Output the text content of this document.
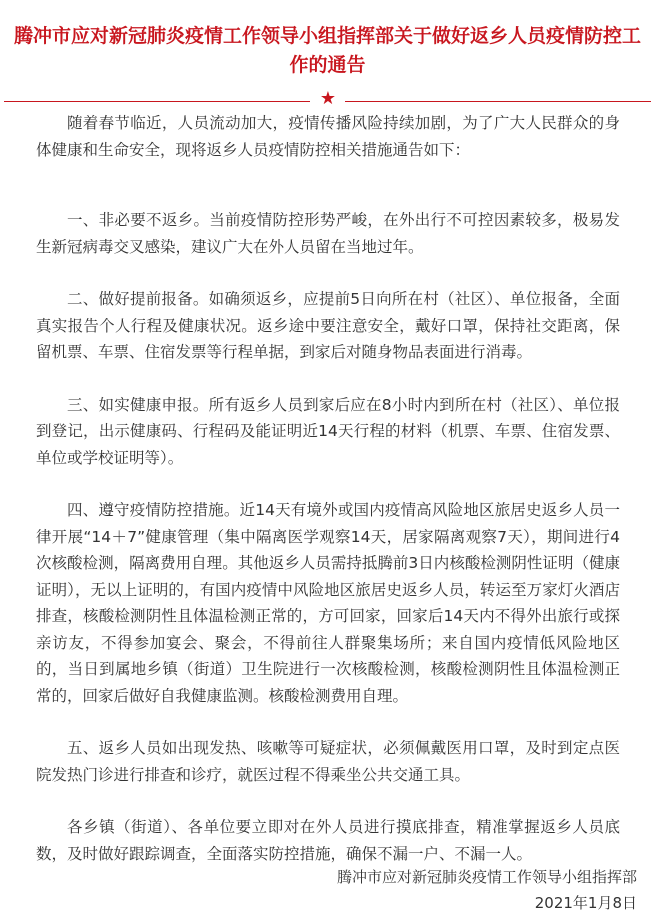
腾冲市应对新冠肺炎疫情工作领导小组指挥部关于做好返乡人员疫情防控工作的通告
★

随着春节临近，人员流动加大，疫情传播风险持续加剧，为了广大人民群众的身体健康和生命安全，现将返乡人员疫情防控相关措施通告如下：

一、非必要不返乡。当前疫情防控形势严峻，在外出行不可控因素较多，极易发生新冠病毒交叉感染，建议广大在外人员留在当地过年。

二、做好提前报备。如确须返乡，应提前5日向所在村（社区）、单位报备，全面真实报告个人行程及健康状况。返乡途中要注意安全，戴好口罩，保持社交距离，保留机票、车票、住宿发票等行程单据，到家后对随身物品表面进行消毒。

三、如实健康申报。所有返乡人员到家后应在8小时内到所在村（社区）、单位报到登记，出示健康码、行程码及能证明近14天行程的材料（机票、车票、住宿发票、单位或学校证明等）。

四、遵守疫情防控措施。近14天有境外或国内疫情高风险地区旅居史返乡人员一律开展“14＋7”健康管理（集中隔离医学观察14天，居家隔离观察7天），期间进行4次核酸检测，隔离费用自理。其他返乡人员需持抵腾前3日内核酸检测阴性证明（健康证明），无以上证明的，有国内疫情中风险地区旅居史返乡人员，转运至万家灯火酒店排查，核酸检测阴性且体温检测正常的，方可回家，回家后14天内不得外出旅行或探亲访友，不得参加宴会、聚会，不得前往人群聚集场所；来自国内疫情低风险地区的，当日到属地乡镇（街道）卫生院进行一次核酸检测，核酸检测阴性且体温检测正常的，回家后做好自我健康监测。核酸检测费用自理。

五、返乡人员如出现发热、咳嗽等可疑症状，必须佩戴医用口罩，及时到定点医院发热门诊进行排查和诊疗，就医过程不得乘坐公共交通工具。

各乡镇（街道）、各单位要立即对在外人员进行摸底排查，精准掌握返乡人员底数，及时做好跟踪调查，全面落实防控措施，确保不漏一户、不漏一人。

腾冲市应对新冠肺炎疫情工作领导小组指挥部
2021年1月8日
